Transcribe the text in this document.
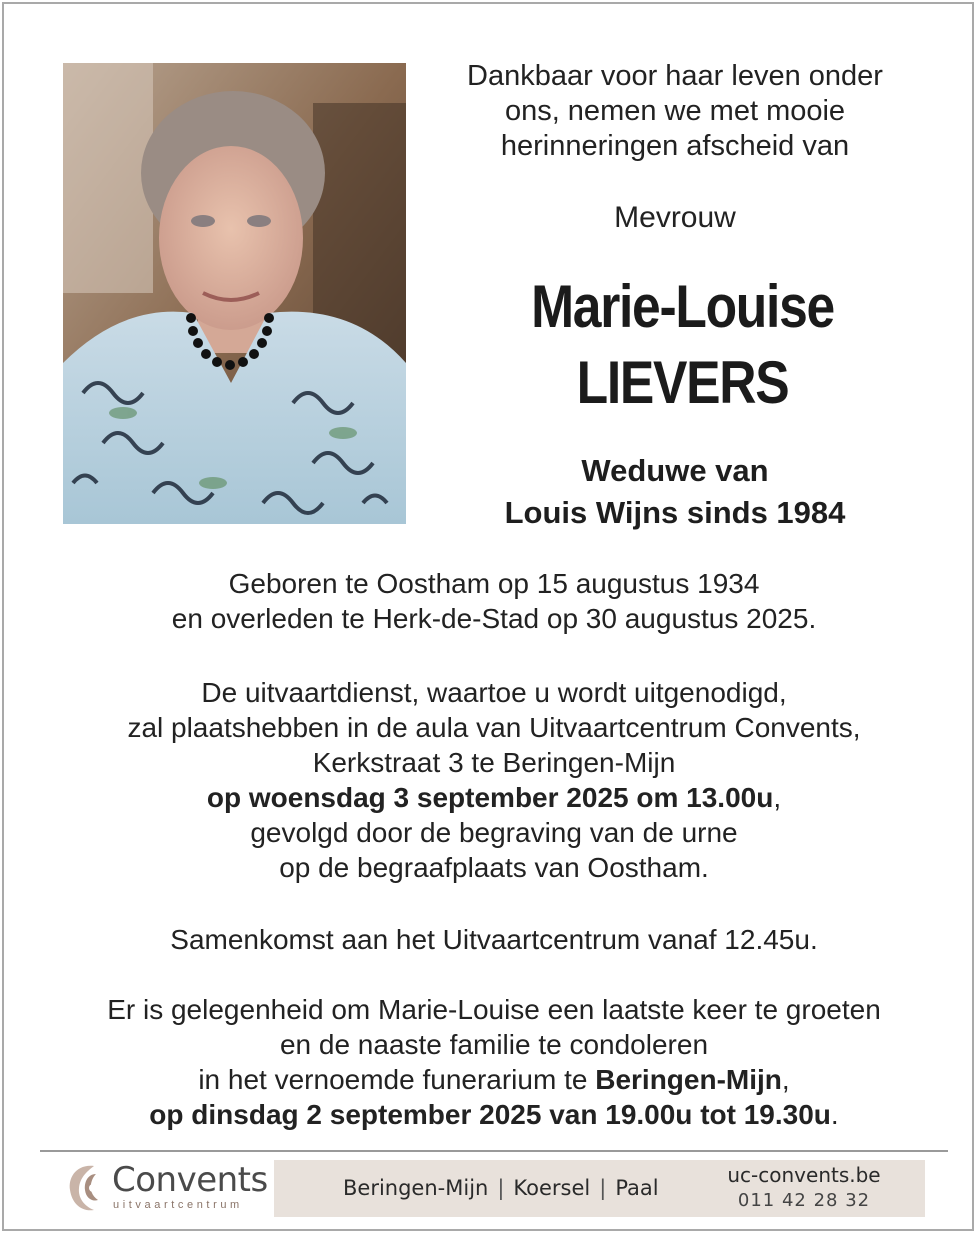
Dankbaar voor haar leven onder
ons, nemen we met mooie
herinneringen afscheid van
Mevrouw
Marie-Louise
LIEVERS
Weduwe van
Louis Wijns sinds 1984
Geboren te Oostham op 15 augustus 1934
en overleden te Herk-de-Stad op 30 augustus 2025.
De uitvaartdienst, waartoe u wordt uitgenodigd,
zal plaatshebben in de aula van Uitvaartcentrum Convents,
Kerkstraat 3 te Beringen-Mijn
op woensdag 3 september 2025 om 13.00u,
gevolgd door de begraving van de urne
op de begraafplaats van Oostham.
Samenkomst aan het Uitvaartcentrum vanaf 12.45u.
Er is gelegenheid om Marie-Louise een laatste keer te groeten
en de naaste familie te condoleren
in het vernoemde funerarium te Beringen-Mijn,
op dinsdag 2 september 2025 van 19.00u tot 19.30u.
Convents
uitvaartcentrum
Beringen-Mijn | Koersel | Paal
uc-convents.be
011 42 28 32
